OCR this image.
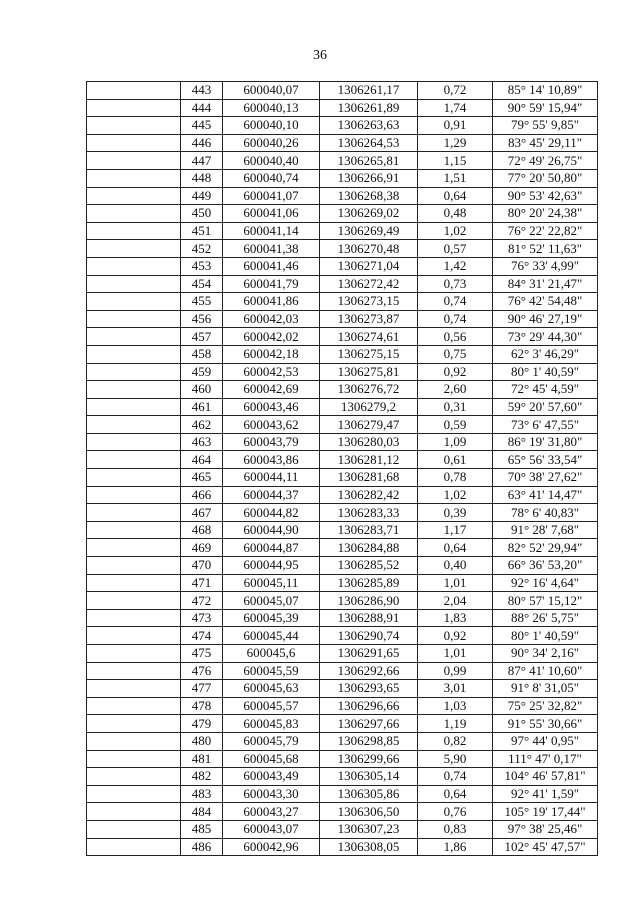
36
	443	600040,07	1306261,17	0,72	85° 14' 10,89"
	444	600040,13	1306261,89	1,74	90° 59' 15,94"
	445	600040,10	1306263,63	0,91	79° 55' 9,85"
	446	600040,26	1306264,53	1,29	83° 45' 29,11"
	447	600040,40	1306265,81	1,15	72° 49' 26,75"
	448	600040,74	1306266,91	1,51	77° 20' 50,80"
	449	600041,07	1306268,38	0,64	90° 53' 42,63"
	450	600041,06	1306269,02	0,48	80° 20' 24,38"
	451	600041,14	1306269,49	1,02	76° 22' 22,82"
	452	600041,38	1306270,48	0,57	81° 52' 11,63"
	453	600041,46	1306271,04	1,42	76° 33' 4,99"
	454	600041,79	1306272,42	0,73	84° 31' 21,47"
	455	600041,86	1306273,15	0,74	76° 42' 54,48"
	456	600042,03	1306273,87	0,74	90° 46' 27,19"
	457	600042,02	1306274,61	0,56	73° 29' 44,30"
	458	600042,18	1306275,15	0,75	62° 3' 46,29"
	459	600042,53	1306275,81	0,92	80° 1' 40,59"
	460	600042,69	1306276,72	2,60	72° 45' 4,59"
	461	600043,46	1306279,2	0,31	59° 20' 57,60"
	462	600043,62	1306279,47	0,59	73° 6' 47,55"
	463	600043,79	1306280,03	1,09	86° 19' 31,80"
	464	600043,86	1306281,12	0,61	65° 56' 33,54"
	465	600044,11	1306281,68	0,78	70° 38' 27,62"
	466	600044,37	1306282,42	1,02	63° 41' 14,47"
	467	600044,82	1306283,33	0,39	78° 6' 40,83"
	468	600044,90	1306283,71	1,17	91° 28' 7,68"
	469	600044,87	1306284,88	0,64	82° 52' 29,94"
	470	600044,95	1306285,52	0,40	66° 36' 53,20"
	471	600045,11	1306285,89	1,01	92° 16' 4,64"
	472	600045,07	1306286,90	2,04	80° 57' 15,12"
	473	600045,39	1306288,91	1,83	88° 26' 5,75"
	474	600045,44	1306290,74	0,92	80° 1' 40,59"
	475	600045,6	1306291,65	1,01	90° 34' 2,16"
	476	600045,59	1306292,66	0,99	87° 41' 10,60"
	477	600045,63	1306293,65	3,01	91° 8' 31,05"
	478	600045,57	1306296,66	1,03	75° 25' 32,82"
	479	600045,83	1306297,66	1,19	91° 55' 30,66"
	480	600045,79	1306298,85	0,82	97° 44' 0,95"
	481	600045,68	1306299,66	5,90	111° 47' 0,17"
	482	600043,49	1306305,14	0,74	104° 46' 57,81"
	483	600043,30	1306305,86	0,64	92° 41' 1,59"
	484	600043,27	1306306,50	0,76	105° 19' 17,44"
	485	600043,07	1306307,23	0,83	97° 38' 25,46"
	486	600042,96	1306308,05	1,86	102° 45' 47,57"
